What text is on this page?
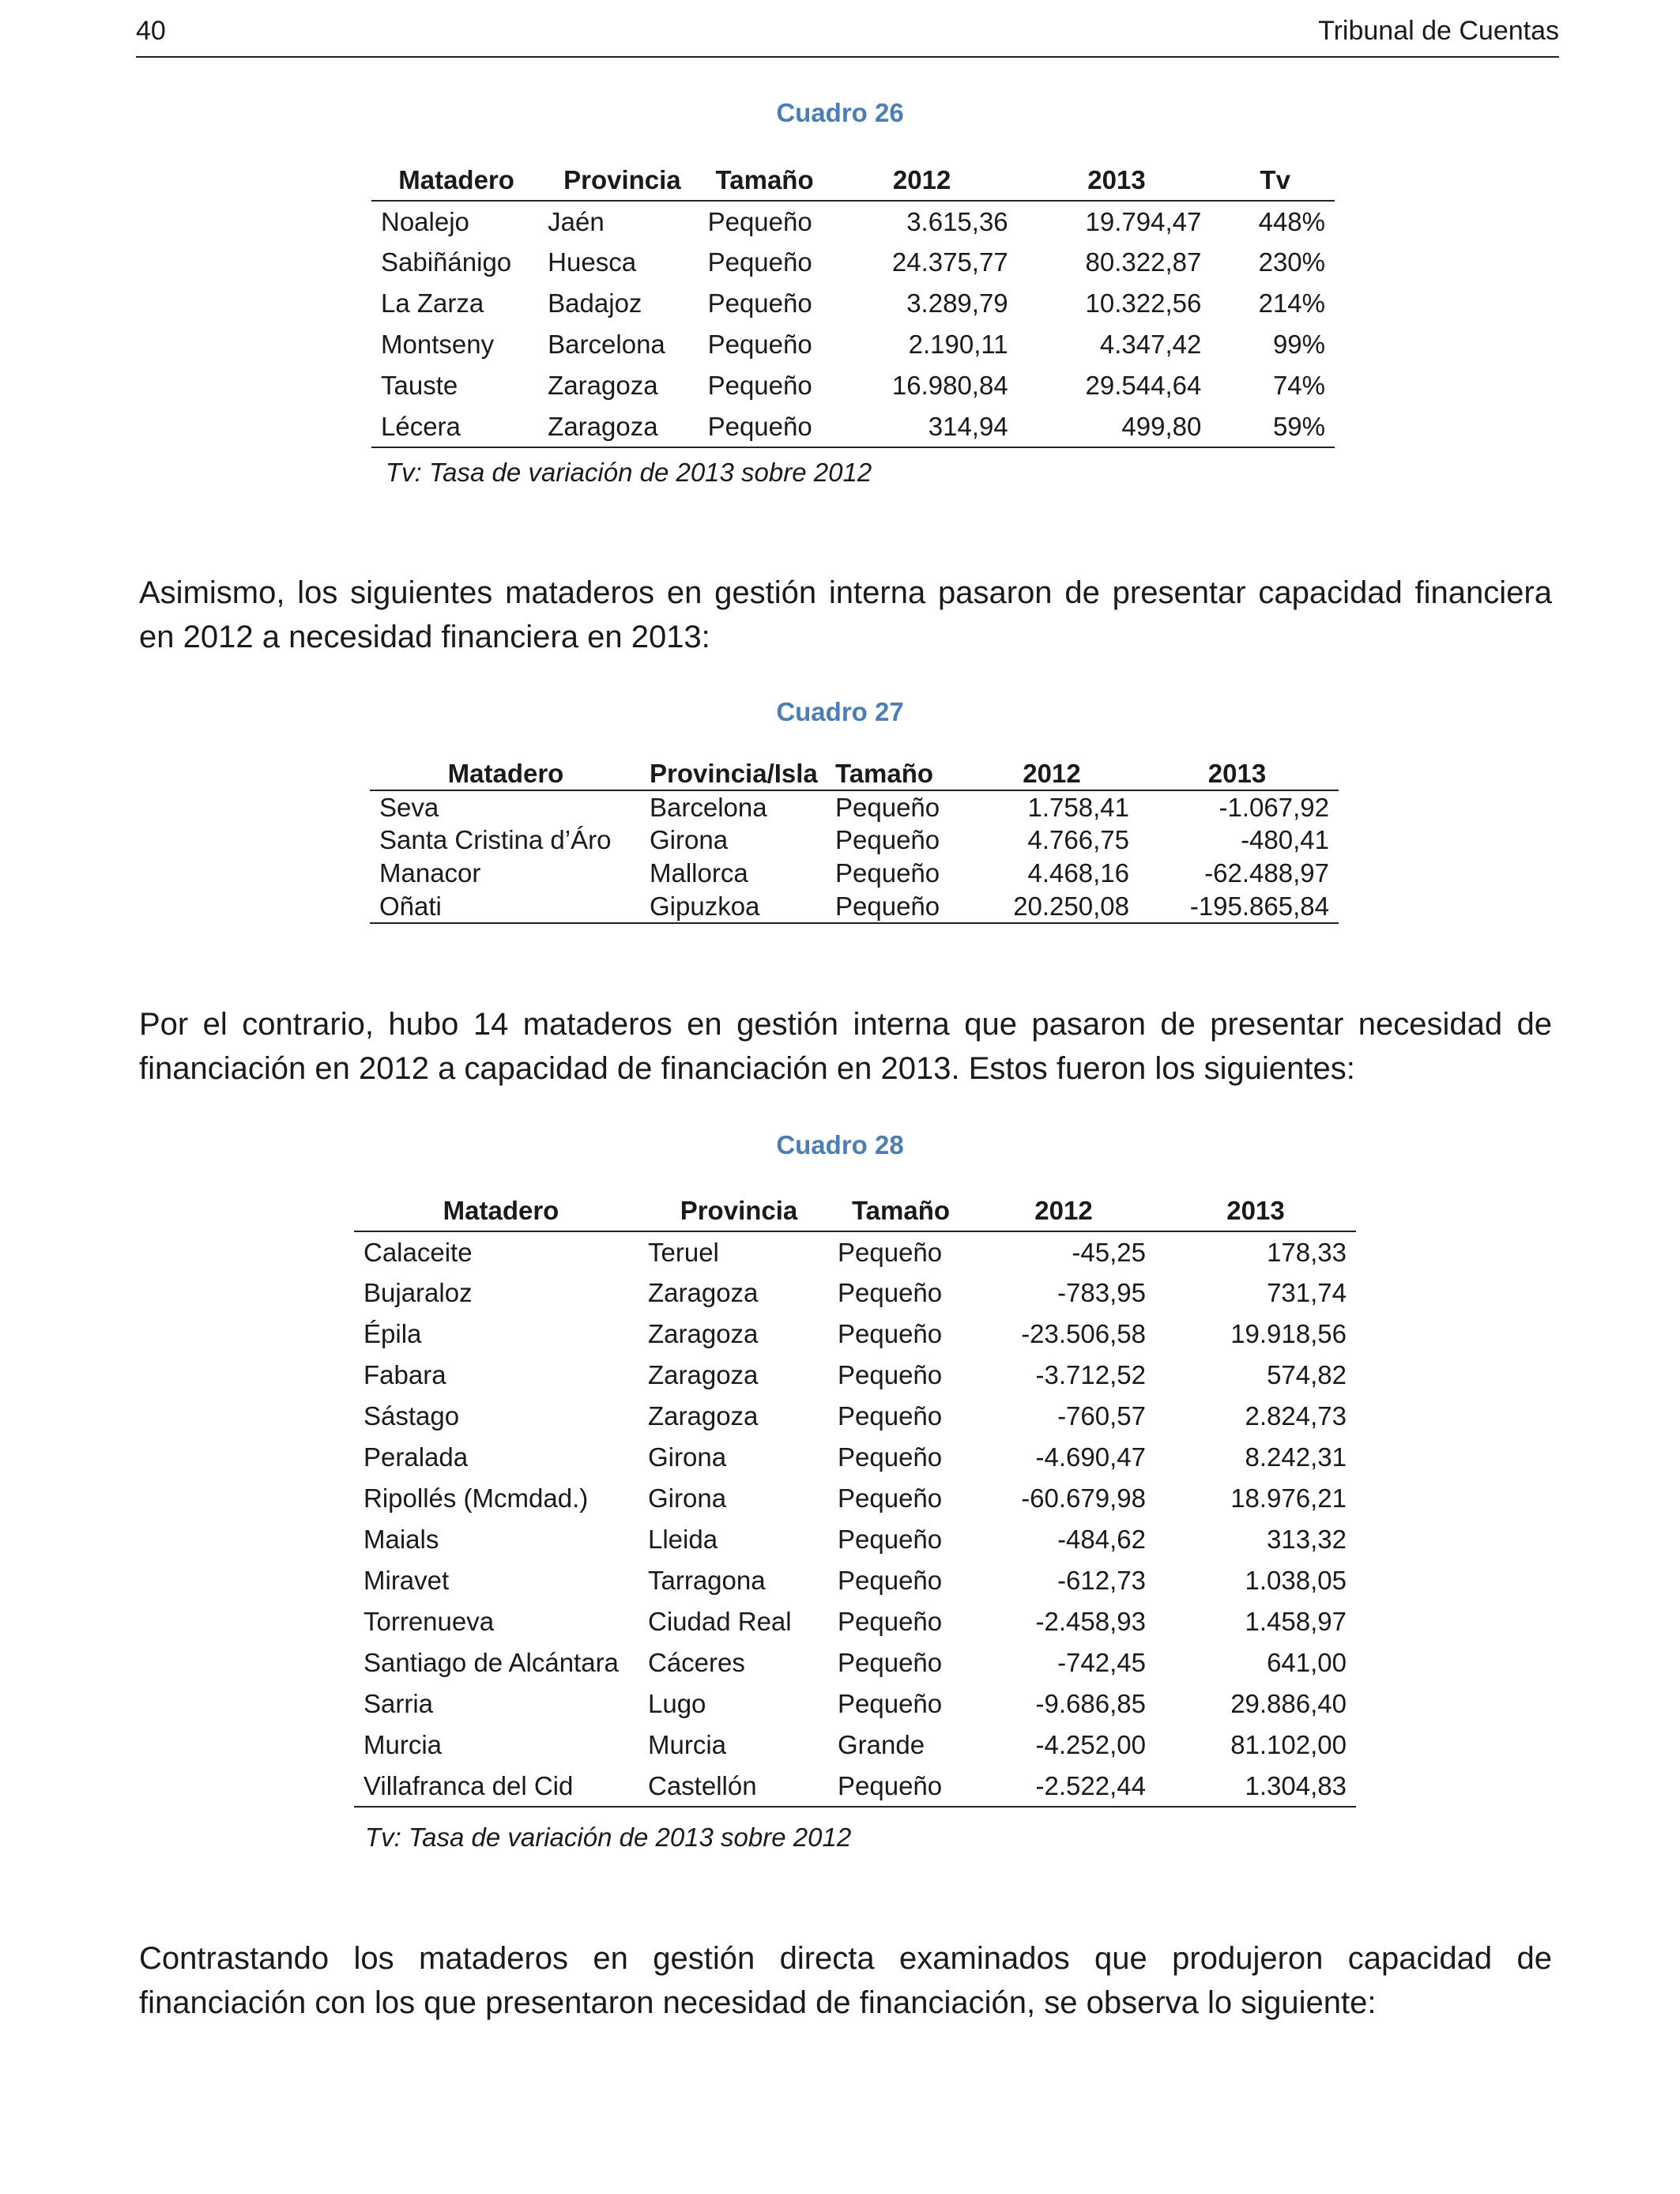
40	Tribunal de Cuentas
Cuadro 26
Matadero	Provincia	Tamaño	2012	2013	Tv
Noalejo	Jaén	Pequeño	3.615,36	19.794,47	448%
Sabiñánigo	Huesca	Pequeño	24.375,77	80.322,87	230%
La Zarza	Badajoz	Pequeño	3.289,79	10.322,56	214%
Montseny	Barcelona	Pequeño	2.190,11	4.347,42	99%
Tauste	Zaragoza	Pequeño	16.980,84	29.544,64	74%
Lécera	Zaragoza	Pequeño	314,94	499,80	59%
Tv: Tasa de variación de 2013 sobre 2012
Asimismo, los siguientes mataderos en gestión interna pasaron de presentar capacidad financiera
en 2012 a necesidad financiera en 2013:
Cuadro 27
Matadero	Provincia/Isla	Tamaño	2012	2013
Seva	Barcelona	Pequeño	1.758,41	-1.067,92
Santa Cristina d’Áro	Girona	Pequeño	4.766,75	-480,41
Manacor	Mallorca	Pequeño	4.468,16	-62.488,97
Oñati	Gipuzkoa	Pequeño	20.250,08	-195.865,84
Por el contrario, hubo 14 mataderos en gestión interna que pasaron de presentar necesidad de
financiación en 2012 a capacidad de financiación en 2013. Estos fueron los siguientes:
Cuadro 28
Matadero	Provincia	Tamaño	2012	2013
Calaceite	Teruel	Pequeño	-45,25	178,33
Bujaraloz	Zaragoza	Pequeño	-783,95	731,74
Épila	Zaragoza	Pequeño	-23.506,58	19.918,56
Fabara	Zaragoza	Pequeño	-3.712,52	574,82
Sástago	Zaragoza	Pequeño	-760,57	2.824,73
Peralada	Girona	Pequeño	-4.690,47	8.242,31
Ripollés (Mcmdad.)	Girona	Pequeño	-60.679,98	18.976,21
Maials	Lleida	Pequeño	-484,62	313,32
Miravet	Tarragona	Pequeño	-612,73	1.038,05
Torrenueva	Ciudad Real	Pequeño	-2.458,93	1.458,97
Santiago de Alcántara	Cáceres	Pequeño	-742,45	641,00
Sarria	Lugo	Pequeño	-9.686,85	29.886,40
Murcia	Murcia	Grande	-4.252,00	81.102,00
Villafranca del Cid	Castellón	Pequeño	-2.522,44	1.304,83
Tv: Tasa de variación de 2013 sobre 2012
Contrastando los mataderos en gestión directa examinados que produjeron capacidad de
financiación con los que presentaron necesidad de financiación, se observa lo siguiente:
